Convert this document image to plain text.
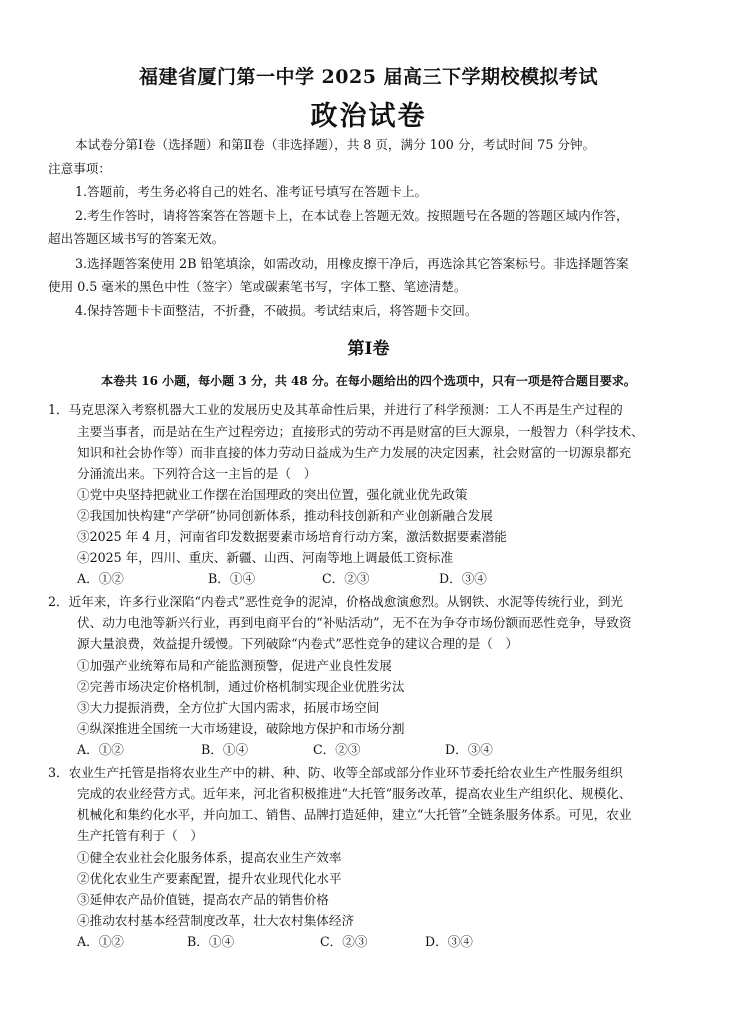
福建省厦门第一中学 2025 届高三下学期校模拟考试
政治试卷
本试卷分第Ⅰ卷（选择题）和第Ⅱ卷（非选择题），共 8 页，满分 100 分，考试时间 75 分钟。
注意事项：
1.答题前，考生务必将自己的姓名、准考证号填写在答题卡上。
2.考生作答时，请将答案答在答题卡上，在本试卷上答题无效。按照题号在各题的答题区域内作答，
超出答题区域书写的答案无效。
3.选择题答案使用 2B 铅笔填涂，如需改动，用橡皮擦干净后，再选涂其它答案标号。非选择题答案
使用 0.5 毫米的黑色中性（签字）笔或碳素笔书写，字体工整、笔迹清楚。
4.保持答题卡卡面整洁，不折叠，不破损。考试结束后，将答题卡交回。
第Ⅰ卷
本卷共 16 小题，每小题 3 分，共 48 分。在每小题给出的四个选项中，只有一项是符合题目要求。
1．马克思深入考察机器大工业的发展历史及其革命性后果，并进行了科学预测：工人不再是生产过程的
主要当事者，而是站在生产过程旁边；直接形式的劳动不再是财富的巨大源泉，一般智力（科学技术、
知识和社会协作等）而非直接的体力劳动日益成为生产力发展的决定因素，社会财富的一切源泉都充
分涌流出来。下列符合这一主旨的是（　）
①党中央坚持把就业工作摆在治国理政的突出位置，强化就业优先政策
②我国加快构建“产学研”协同创新体系，推动科技创新和产业创新融合发展
③2025 年 4 月，河南省印发数据要素市场培育行动方案，激活数据要素潜能
④2025 年，四川、重庆、新疆、山西、河南等地上调最低工资标准
A．①②	B．①④	C．②③	D．③④
2．近年来，许多行业深陷“内卷式”恶性竞争的泥淖，价格战愈演愈烈。从钢铁、水泥等传统行业，到光
伏、动力电池等新兴行业，再到电商平台的“补贴活动”，无不在为争夺市场份额而恶性竞争，导致资
源大量浪费，效益提升缓慢。下列破除“内卷式”恶性竞争的建议合理的是（　）
①加强产业统筹布局和产能监测预警，促进产业良性发展
②完善市场决定价格机制，通过价格机制实现企业优胜劣汰
③大力提振消费，全方位扩大国内需求，拓展市场空间
④纵深推进全国统一大市场建设，破除地方保护和市场分割
A．①②	B．①④	C．②③	D．③④
3．农业生产托管是指将农业生产中的耕、种、防、收等全部或部分作业环节委托给农业生产性服务组织
完成的农业经营方式。近年来，河北省积极推进“大托管”服务改革，提高农业生产组织化、规模化、
机械化和集约化水平，并向加工、销售、品牌打造延伸，建立“大托管”全链条服务体系。可见，农业
生产托管有利于（　）
①健全农业社会化服务体系，提高农业生产效率
②优化农业生产要素配置，提升农业现代化水平
③延伸农产品价值链，提高农产品的销售价格
④推动农村基本经营制度改革，壮大农村集体经济
A．①②	B．①④	C．②③	D．③④
